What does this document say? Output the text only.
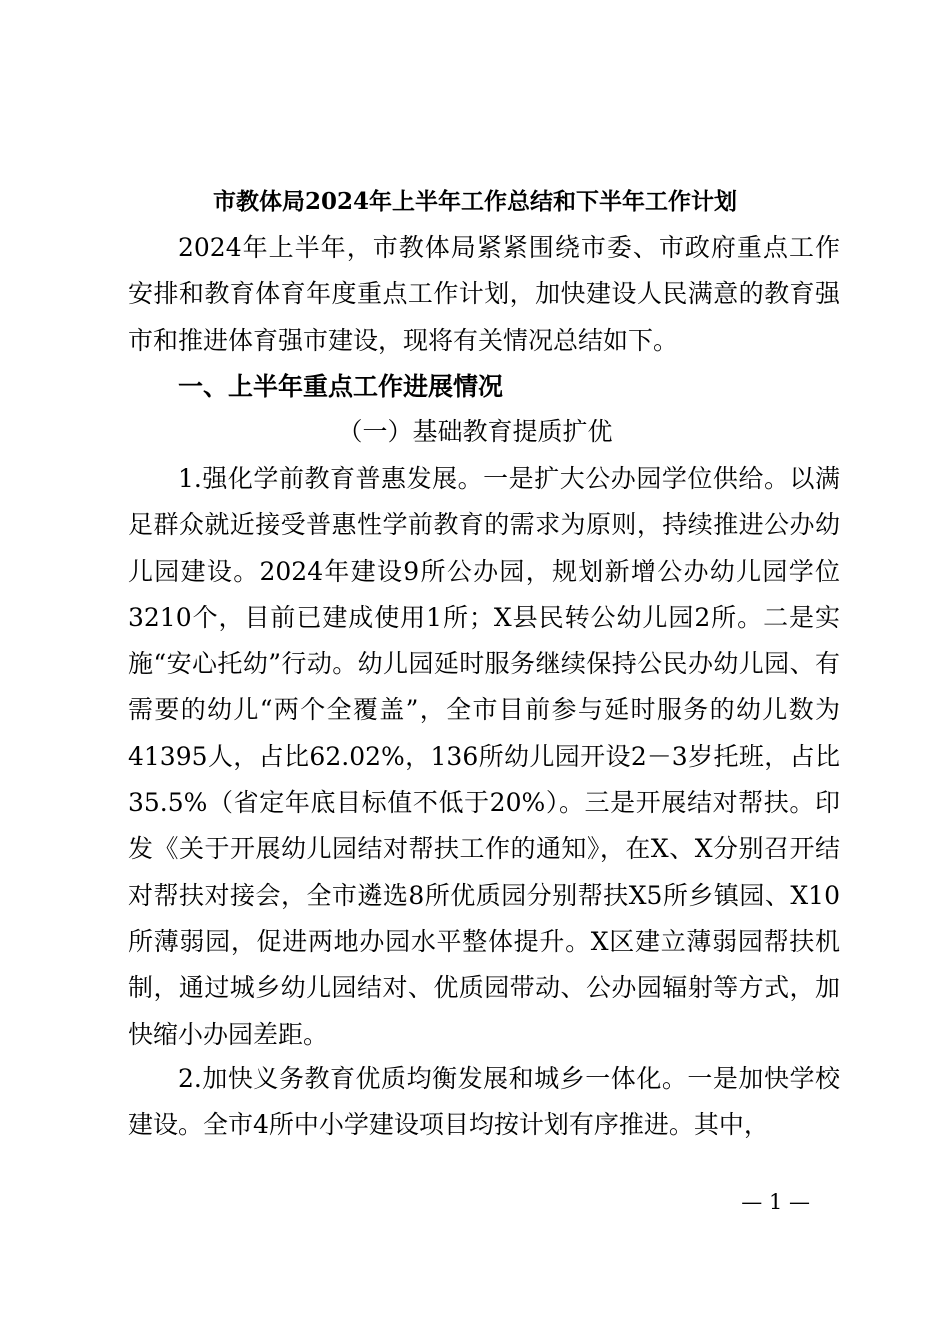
市教体局2024年上半年工作总结和下半年工作计划

2024年上半年，市教体局紧紧围绕市委、市政府重点工作安排和教育体育年度重点工作计划，加快建设人民满意的教育强市和推进体育强市建设，现将有关情况总结如下。

一、上半年重点工作进展情况
（一）基础教育提质扩优

1.强化学前教育普惠发展。一是扩大公办园学位供给。以满足群众就近接受普惠性学前教育的需求为原则，持续推进公办幼儿园建设。2024年建设9所公办园，规划新增公办幼儿园学位3210个，目前已建成使用1所；X县民转公幼儿园2所。二是实施“安心托幼”行动。幼儿园延时服务继续保持公民办幼儿园、有需要的幼儿“两个全覆盖”，全市目前参与延时服务的幼儿数为41395人，占比62.02%，136所幼儿园开设2－3岁托班，占比35.5%（省定年底目标值不低于20%）。三是开展结对帮扶。印发《关于开展幼儿园结对帮扶工作的通知》，在X、X分别召开结对帮扶对接会，全市遴选8所优质园分别帮扶X5所乡镇园、X10所薄弱园，促进两地办园水平整体提升。X区建立薄弱园帮扶机制，通过城乡幼儿园结对、优质园带动、公办园辐射等方式，加快缩小办园差距。

2.加快义务教育优质均衡发展和城乡一体化。一是加快学校建设。全市4所中小学建设项目均按计划有序推进。其中，

— 1 —
